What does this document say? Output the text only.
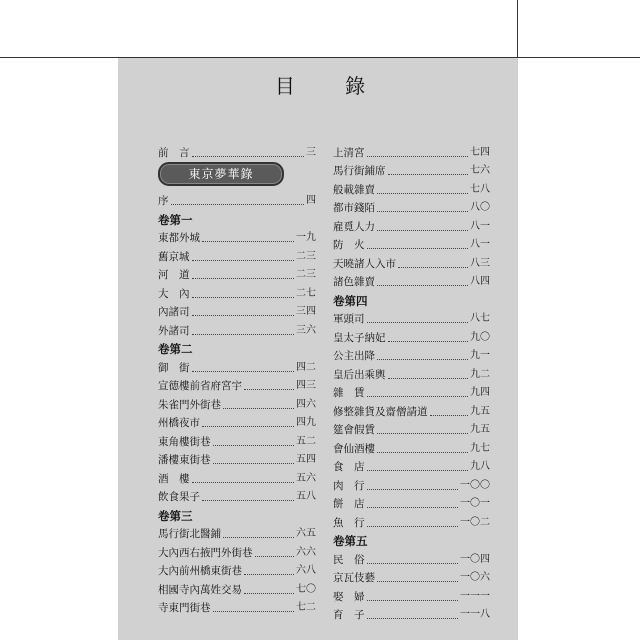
目 錄
前　言	三
東京夢華錄
序	四
卷第一
東都外城	一九
舊京城	二三
河　道	二三
大　內	二七
內諸司	三四
外諸司	三六
卷第二
御　街	四二
宣德樓前省府宮宇	四三
朱雀門外街巷	四六
州橋夜市	四九
東角樓街巷	五二
潘樓東街巷	五四
酒　樓	五六
飲食果子	五八
卷第三
馬行街北醫鋪	六五
大內西右掖門外街巷	六六
大內前州橋東街巷	六八
相國寺內萬姓交易	七〇
寺東門街巷	七二
上清宮	七四
馬行街鋪席	七六
般載雜賣	七八
都市錢陌	八〇
雇覓人力	八一
防　火	八一
天曉諸人入市	八三
諸色雜賣	八四
卷第四
軍頭司	八七
皇太子納妃	九〇
公主出降	九一
皇后出乘輿	九二
雜　賃	九四
修整雜貨及齋僧請道	九五
筵會假賃	九五
會仙酒樓	九七
食　店	九八
肉　行	一〇〇
餅　店	一〇一
魚　行	一〇二
卷第五
民　俗	一〇四
京瓦伎藝	一〇六
娶　婦	一一一
育　子	一一八
